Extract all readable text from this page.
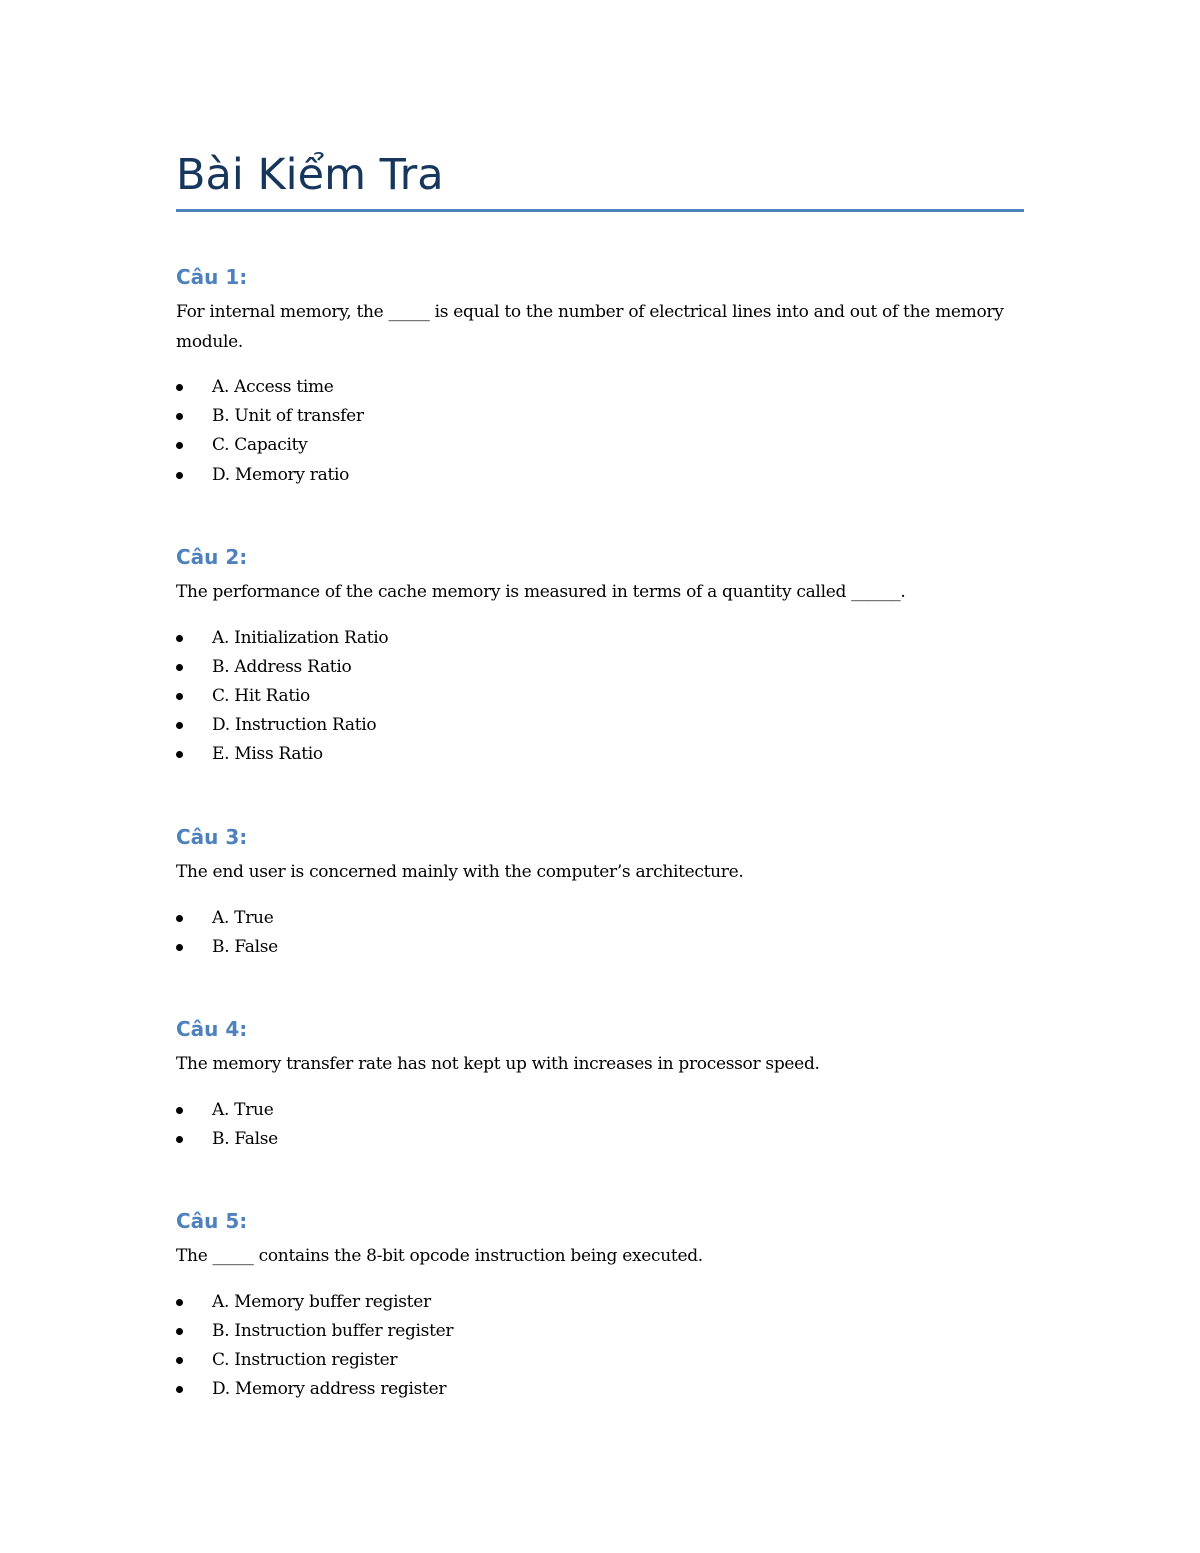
Bài Kiểm Tra
Câu 1:

For internal memory, the _____ is equal to the number of electrical lines into and out of the memory module.

A. Access time
B. Unit of transfer
C. Capacity
D. Memory ratio
Câu 2:

The performance of the cache memory is measured in terms of a quantity called ______.

A. Initialization Ratio
B. Address Ratio
C. Hit Ratio
D. Instruction Ratio
E. Miss Ratio
Câu 3:

The end user is concerned mainly with the computer’s architecture.

A. True
B. False
Câu 4:

The memory transfer rate has not kept up with increases in processor speed.

A. True
B. False
Câu 5:

The _____ contains the 8-bit opcode instruction being executed.

A. Memory buffer register
B. Instruction buffer register
C. Instruction register
D. Memory address register
